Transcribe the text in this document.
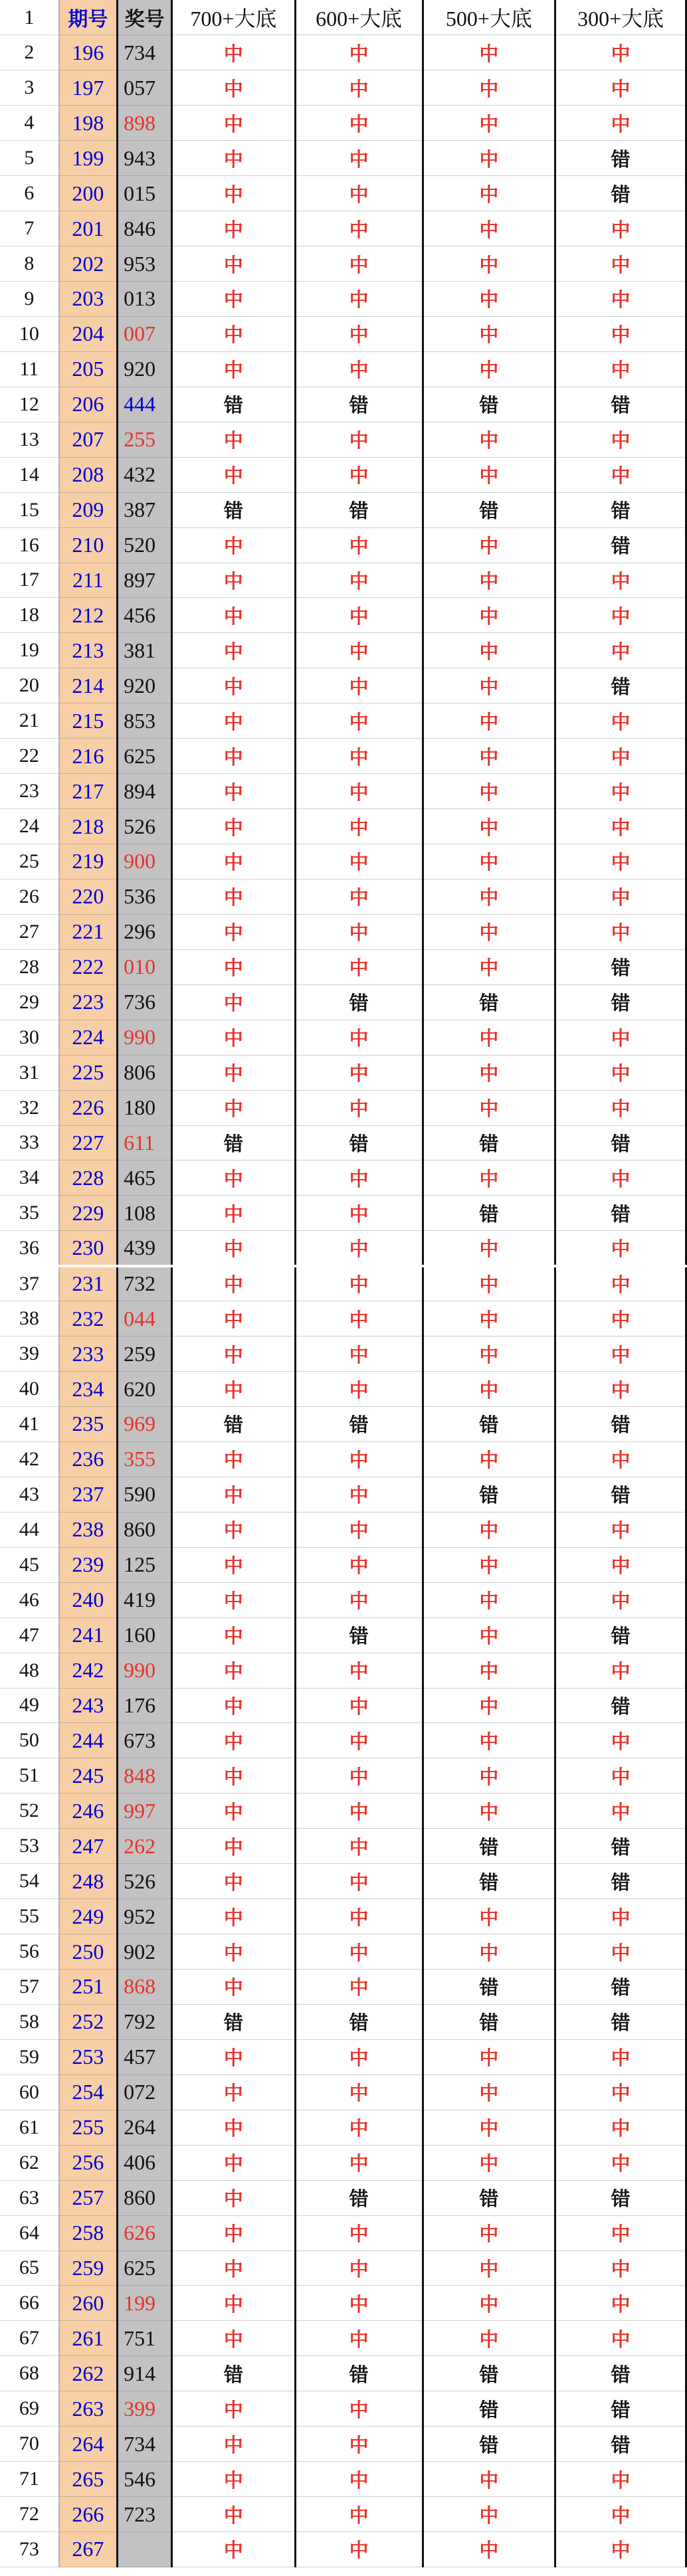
1	期号	奖号	700+大底	600+大底	500+大底	300+大底
2	196	734	中	中	中	中
3	197	057	中	中	中	中
4	198	898	中	中	中	中
5	199	943	中	中	中	错
6	200	015	中	中	中	错
7	201	846	中	中	中	中
8	202	953	中	中	中	中
9	203	013	中	中	中	中
10	204	007	中	中	中	中
11	205	920	中	中	中	中
12	206	444	错	错	错	错
13	207	255	中	中	中	中
14	208	432	中	中	中	中
15	209	387	错	错	错	错
16	210	520	中	中	中	错
17	211	897	中	中	中	中
18	212	456	中	中	中	中
19	213	381	中	中	中	中
20	214	920	中	中	中	错
21	215	853	中	中	中	中
22	216	625	中	中	中	中
23	217	894	中	中	中	中
24	218	526	中	中	中	中
25	219	900	中	中	中	中
26	220	536	中	中	中	中
27	221	296	中	中	中	中
28	222	010	中	中	中	错
29	223	736	中	错	错	错
30	224	990	中	中	中	中
31	225	806	中	中	中	中
32	226	180	中	中	中	中
33	227	611	错	错	错	错
34	228	465	中	中	中	中
35	229	108	中	中	错	错
36	230	439	中	中	中	中
37	231	732	中	中	中	中
38	232	044	中	中	中	中
39	233	259	中	中	中	中
40	234	620	中	中	中	中
41	235	969	错	错	错	错
42	236	355	中	中	中	中
43	237	590	中	中	错	错
44	238	860	中	中	中	中
45	239	125	中	中	中	中
46	240	419	中	中	中	中
47	241	160	中	错	中	错
48	242	990	中	中	中	中
49	243	176	中	中	中	错
50	244	673	中	中	中	中
51	245	848	中	中	中	中
52	246	997	中	中	中	中
53	247	262	中	中	错	错
54	248	526	中	中	错	错
55	249	952	中	中	中	中
56	250	902	中	中	中	中
57	251	868	中	中	错	错
58	252	792	错	错	错	错
59	253	457	中	中	中	中
60	254	072	中	中	中	中
61	255	264	中	中	中	中
62	256	406	中	中	中	中
63	257	860	中	错	错	错
64	258	626	中	中	中	中
65	259	625	中	中	中	中
66	260	199	中	中	中	中
67	261	751	中	中	中	中
68	262	914	错	错	错	错
69	263	399	中	中	错	错
70	264	734	中	中	错	错
71	265	546	中	中	中	中
72	266	723	中	中	中	中
73	267		中	中	中	中
